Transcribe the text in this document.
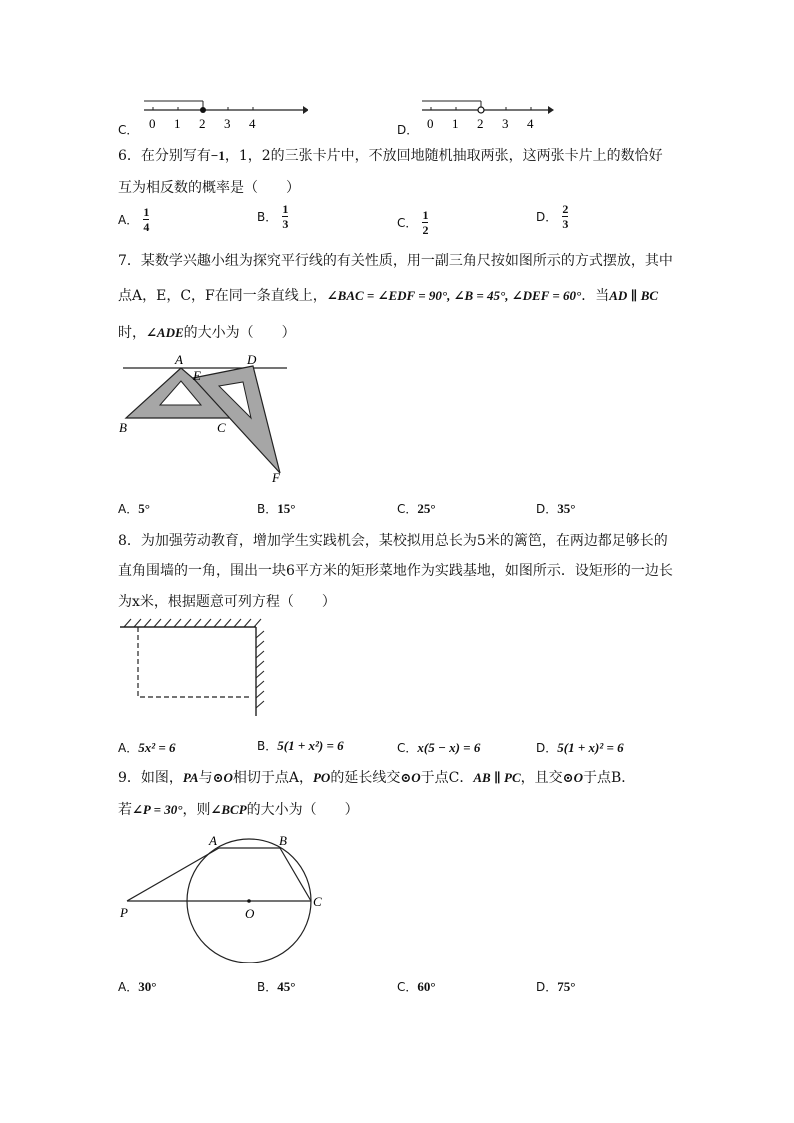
C． 0 1 2 3 4	D． 0 1 2 3 4
6．在分别写有−1，1，2的三张卡片中，不放回地随机抽取两张，这两张卡片上的数恰好
互为相反数的概率是（　　）
A． $\frac{1}{4}$	B． $\frac{1}{3}$	C． $\frac{1}{2}$	D． $\frac{2}{3}$
7．某数学兴趣小组为探究平行线的有关性质，用一副三角尺按如图所示的方式摆放，其中
点A，E，C，F在同一条直线上，∠BAC = ∠EDF = 90°, ∠B = 45°, ∠DEF = 60°．当AD ∥ BC
时，∠ADE的大小为（　　）
A	D
E
B	C
F
A．5°	B．15°	C．25°	D．35°
8．为加强劳动教育，增加学生实践机会，某校拟用总长为5米的篱笆，在两边都足够长的
直角围墙的一角，围出一块6平方米的矩形菜地作为实践基地，如图所示．设矩形的一边长
为x米，根据题意可列方程（　　）
A．5x² = 6	B．5(1 + x²) = 6	C．x(5 − x) = 6	D．5(1 + x)² = 6
9．如图，PA与⊙O相切于点A，PO的延长线交⊙O于点C．AB ∥ PC，且交⊙O于点B．
若∠P = 30°，则∠BCP的大小为（　　）
A	B
P	O
C
A．30°	B．45°	C．60°	D．75°
